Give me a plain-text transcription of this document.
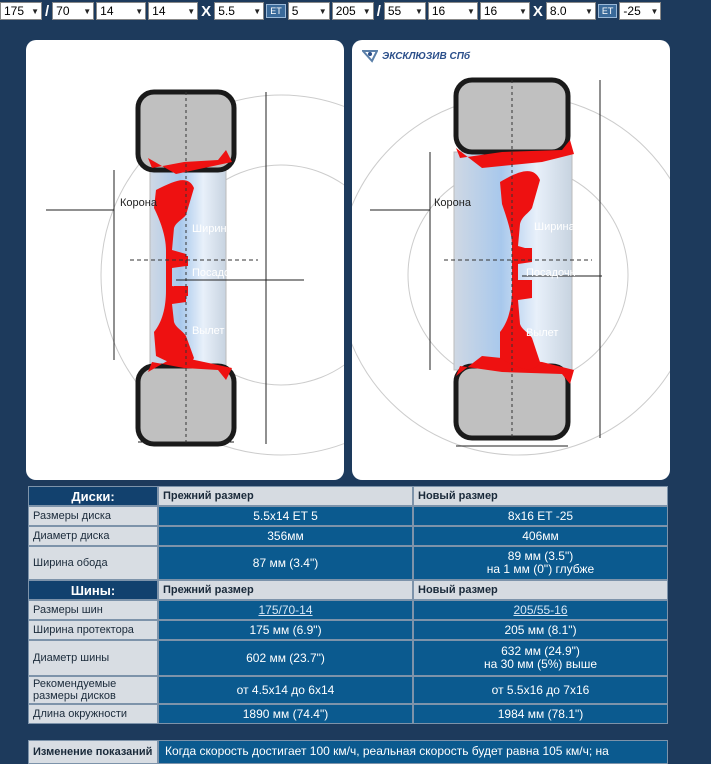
175 ▼ / 70 ▼ 14	▼ 14	▼ X 5.5 ▼	ET 5	▼ 205 ▼ / 55 ▼ 16	▼ 16	▼ X 8.0 ▼	ET -25 ▼
Корона
Ширина
Посадочн
Вылет
ЭКСКЛЮЗИВ СПб
Корона
Ширина
Посадочн
Вылет
Диски:	Прежний размер	Новый размер
Размеры диска	5.5x14 ET 5	8x16 ET -25
Диаметр диска	356мм	406мм
Ширина обода	87 мм (3.4")	89 мм (3.5")
на 1 мм (0") глубже
Шины:	Прежний размер	Новый размер
Размеры шин	175/70-14	205/55-16
Ширина протектора	175 мм (6.9")	205 мм (8.1")
Диаметр шины	602 мм (23.7")	632 мм (24.9")
на 30 мм (5%) выше
Рекомендуемые
размеры дисков	от 4.5x14 до 6x14	от 5.5x16 до 7x16
Длина окружности	1890 мм (74.4")	1984 мм (78.1")
Изменение показаний	Когда скорость достигает 100 км/ч, реальная скорость будет равна 105 км/ч; на
